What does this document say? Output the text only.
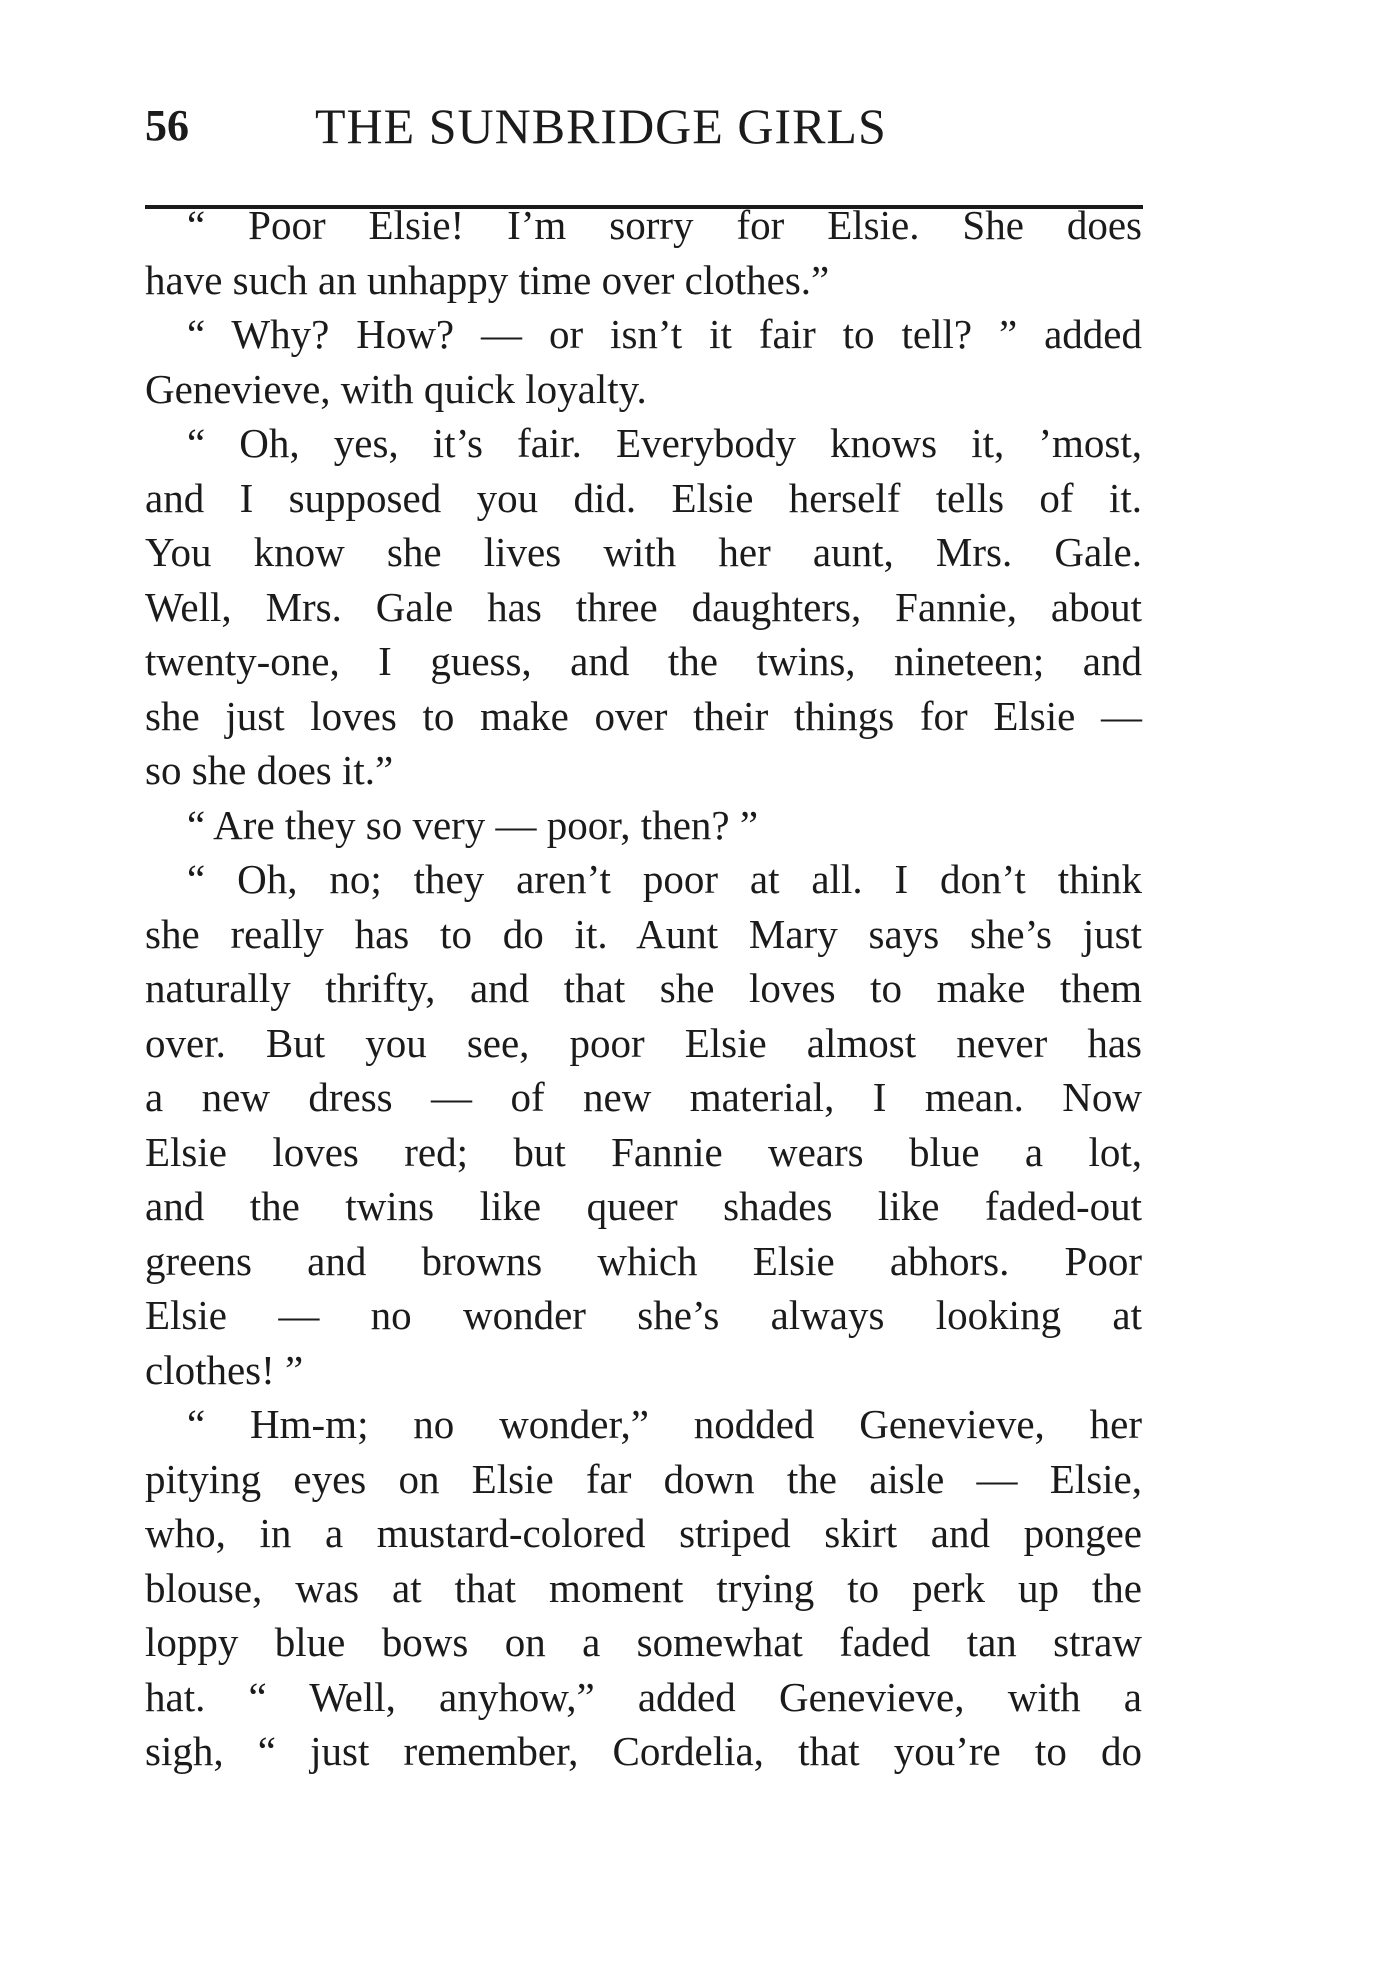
56	THE SUNBRIDGE GIRLS
“ Poor Elsie! I’m sorry for Elsie. She does
have such an unhappy time over clothes.”
“ Why? How? — or isn’t it fair to tell? ” added
Genevieve, with quick loyalty.
“ Oh, yes, it’s fair. Everybody knows it, ’most,
and I supposed you did. Elsie herself tells of it.
You know she lives with her aunt, Mrs. Gale.
Well, Mrs. Gale has three daughters, Fannie, about
twenty-one, I guess, and the twins, nineteen; and
she just loves to make over their things for Elsie —
so she does it.”
“ Are they so very — poor, then? ”
“ Oh, no; they aren’t poor at all. I don’t think
she really has to do it. Aunt Mary says she’s just
naturally thrifty, and that she loves to make them
over. But you see, poor Elsie almost never has
a new dress — of new material, I mean. Now
Elsie loves red; but Fannie wears blue a lot,
and the twins like queer shades like faded-out
greens and browns which Elsie abhors. Poor
Elsie — no wonder she’s always looking at
clothes! ”
“ Hm-m; no wonder,” nodded Genevieve, her
pitying eyes on Elsie far down the aisle — Elsie,
who, in a mustard-colored striped skirt and pongee
blouse, was at that moment trying to perk up the
loppy blue bows on a somewhat faded tan straw
hat. “ Well, anyhow,” added Genevieve, with a
sigh, “ just remember, Cordelia, that you’re to do
